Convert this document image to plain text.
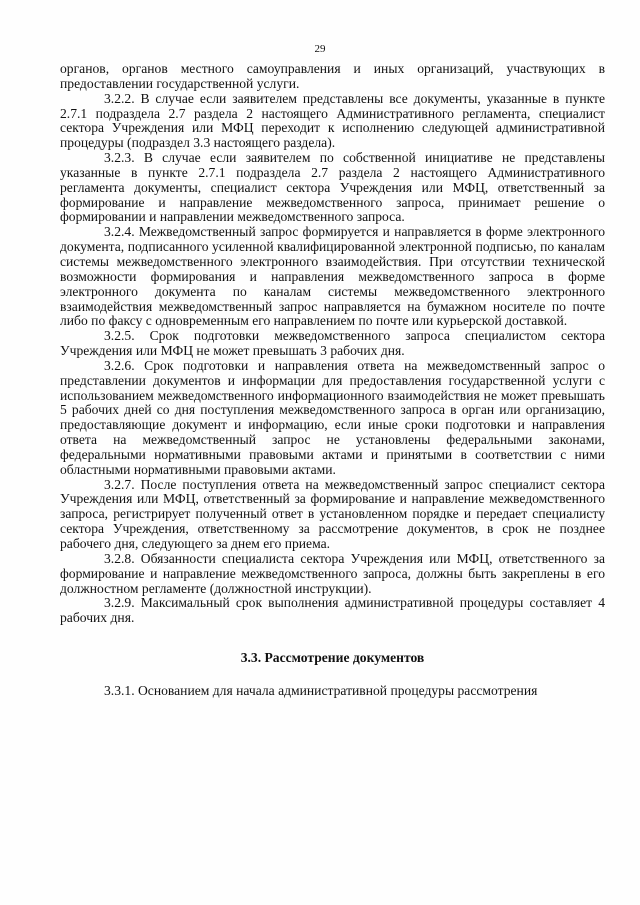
29

органов, органов местного самоуправления и иных организаций, участвующих в предоставлении государственной услуги.

3.2.2. В случае если заявителем представлены все документы, указанные в пункте 2.7.1 подраздела 2.7 раздела 2 настоящего Административного регламента, специалист сектора Учреждения или МФЦ переходит к исполнению следующей административной процедуры (подраздел 3.3 настоящего раздела).

3.2.3. В случае если заявителем по собственной инициативе не представлены указанные в пункте 2.7.1 подраздела 2.7 раздела 2 настоящего Административного регламента документы, специалист сектора Учреждения или МФЦ, ответственный за формирование и направление межведомственного запроса, принимает решение о формировании и направлении межведомственного запроса.

3.2.4. Межведомственный запрос формируется и направляется в форме электронного документа, подписанного усиленной квалифицированной электронной подписью, по каналам системы межведомственного электронного взаимодействия. При отсутствии технической возможности формирования и направления межведомственного запроса в форме электронного документа по каналам системы межведомственного электронного взаимодействия межведомственный запрос направляется на бумажном носителе по почте либо по факсу с одновременным его направлением по почте или курьерской доставкой.

3.2.5. Срок подготовки межведомственного запроса специалистом сектора Учреждения или МФЦ не может превышать 3 рабочих дня.

3.2.6. Срок подготовки и направления ответа на межведомственный запрос о представлении документов и информации для предоставления государственной услуги с использованием межведомственного информационного взаимодействия не может превышать 5 рабочих дней со дня поступления межведомственного запроса в орган или организацию, предоставляющие документ и информацию, если иные сроки подготовки и направления ответа на межведомственный запрос не установлены федеральными законами, федеральными нормативными правовыми актами и принятыми в соответствии с ними областными нормативными правовыми актами.

3.2.7. После поступления ответа на межведомственный запрос специалист сектора Учреждения или МФЦ, ответственный за формирование и направление межведомственного запроса, регистрирует полученный ответ в установленном порядке и передает специалисту сектора Учреждения, ответственному за рассмотрение документов, в срок не позднее рабочего дня, следующего за днем его приема.

3.2.8. Обязанности специалиста сектора Учреждения или МФЦ, ответственного за формирование и направление межведомственного запроса, должны быть закреплены в его должностном регламенте (должностной инструкции).

3.2.9. Максимальный срок выполнения административной процедуры составляет 4 рабочих дня.

3.3. Рассмотрение документов

3.3.1. Основанием для начала административной процедуры рассмотрения
